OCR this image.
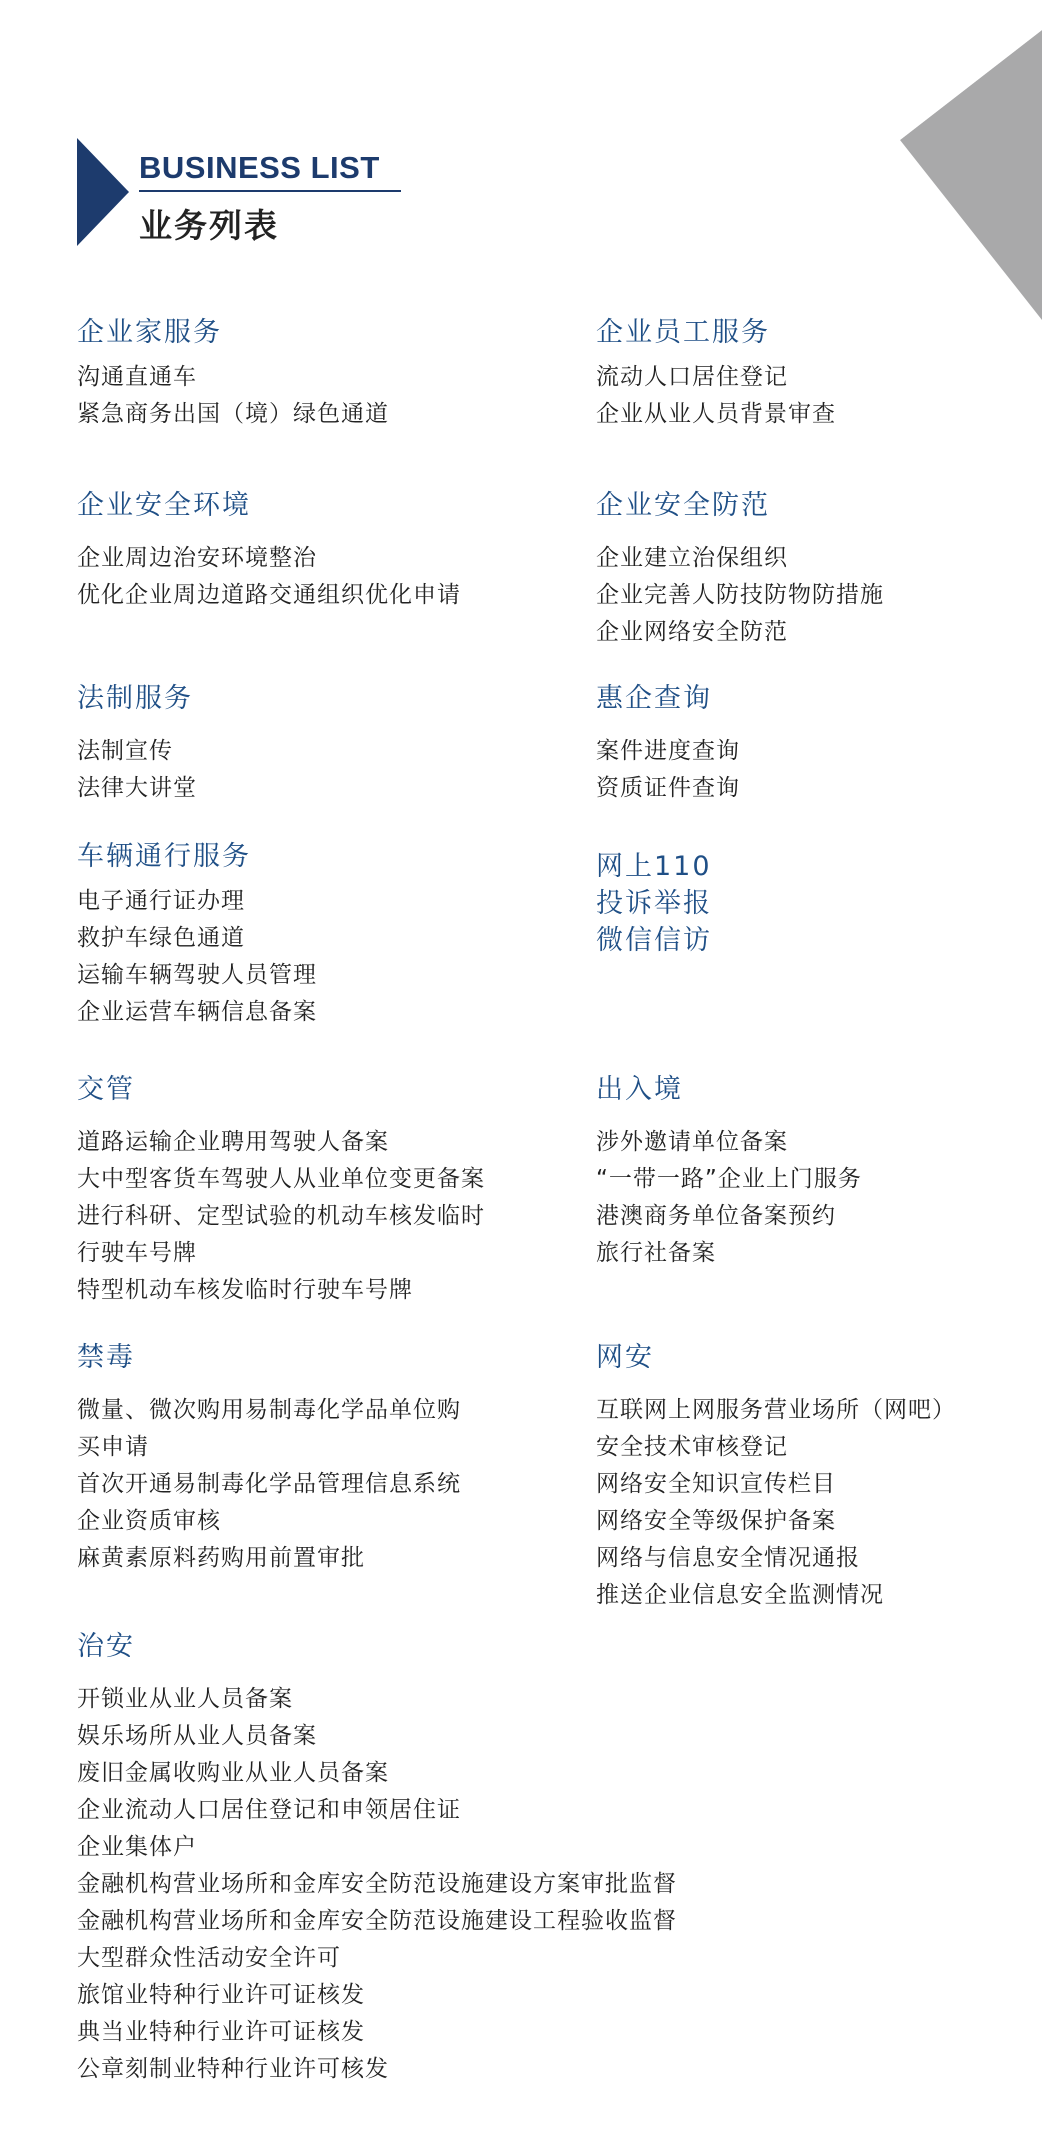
BUSINESS LIST
业务列表
企业家服务
沟通直通车
紧急商务出国（境）绿色通道
企业员工服务
流动人口居住登记
企业从业人员背景审查
企业安全环境
企业周边治安环境整治
优化企业周边道路交通组织优化申请
企业安全防范
企业建立治保组织
企业完善人防技防物防措施
企业网络安全防范
法制服务
法制宣传
法律大讲堂
惠企查询
案件进度查询
资质证件查询
车辆通行服务
电子通行证办理
救护车绿色通道
运输车辆驾驶人员管理
企业运营车辆信息备案
网上110
投诉举报
微信信访
交管
道路运输企业聘用驾驶人备案
大中型客货车驾驶人从业单位变更备案
进行科研、定型试验的机动车核发临时
行驶车号牌
特型机动车核发临时行驶车号牌
出入境
涉外邀请单位备案
“一带一路”企业上门服务
港澳商务单位备案预约
旅行社备案
禁毒
微量、微次购用易制毒化学品单位购
买申请
首次开通易制毒化学品管理信息系统
企业资质审核
麻黄素原料药购用前置审批
网安
互联网上网服务营业场所（网吧）
安全技术审核登记
网络安全知识宣传栏目
网络安全等级保护备案
网络与信息安全情况通报
推送企业信息安全监测情况
治安
开锁业从业人员备案
娱乐场所从业人员备案
废旧金属收购业从业人员备案
企业流动人口居住登记和申领居住证
企业集体户
金融机构营业场所和金库安全防范设施建设方案审批监督
金融机构营业场所和金库安全防范设施建设工程验收监督
大型群众性活动安全许可
旅馆业特种行业许可证核发
典当业特种行业许可证核发
公章刻制业特种行业许可核发
